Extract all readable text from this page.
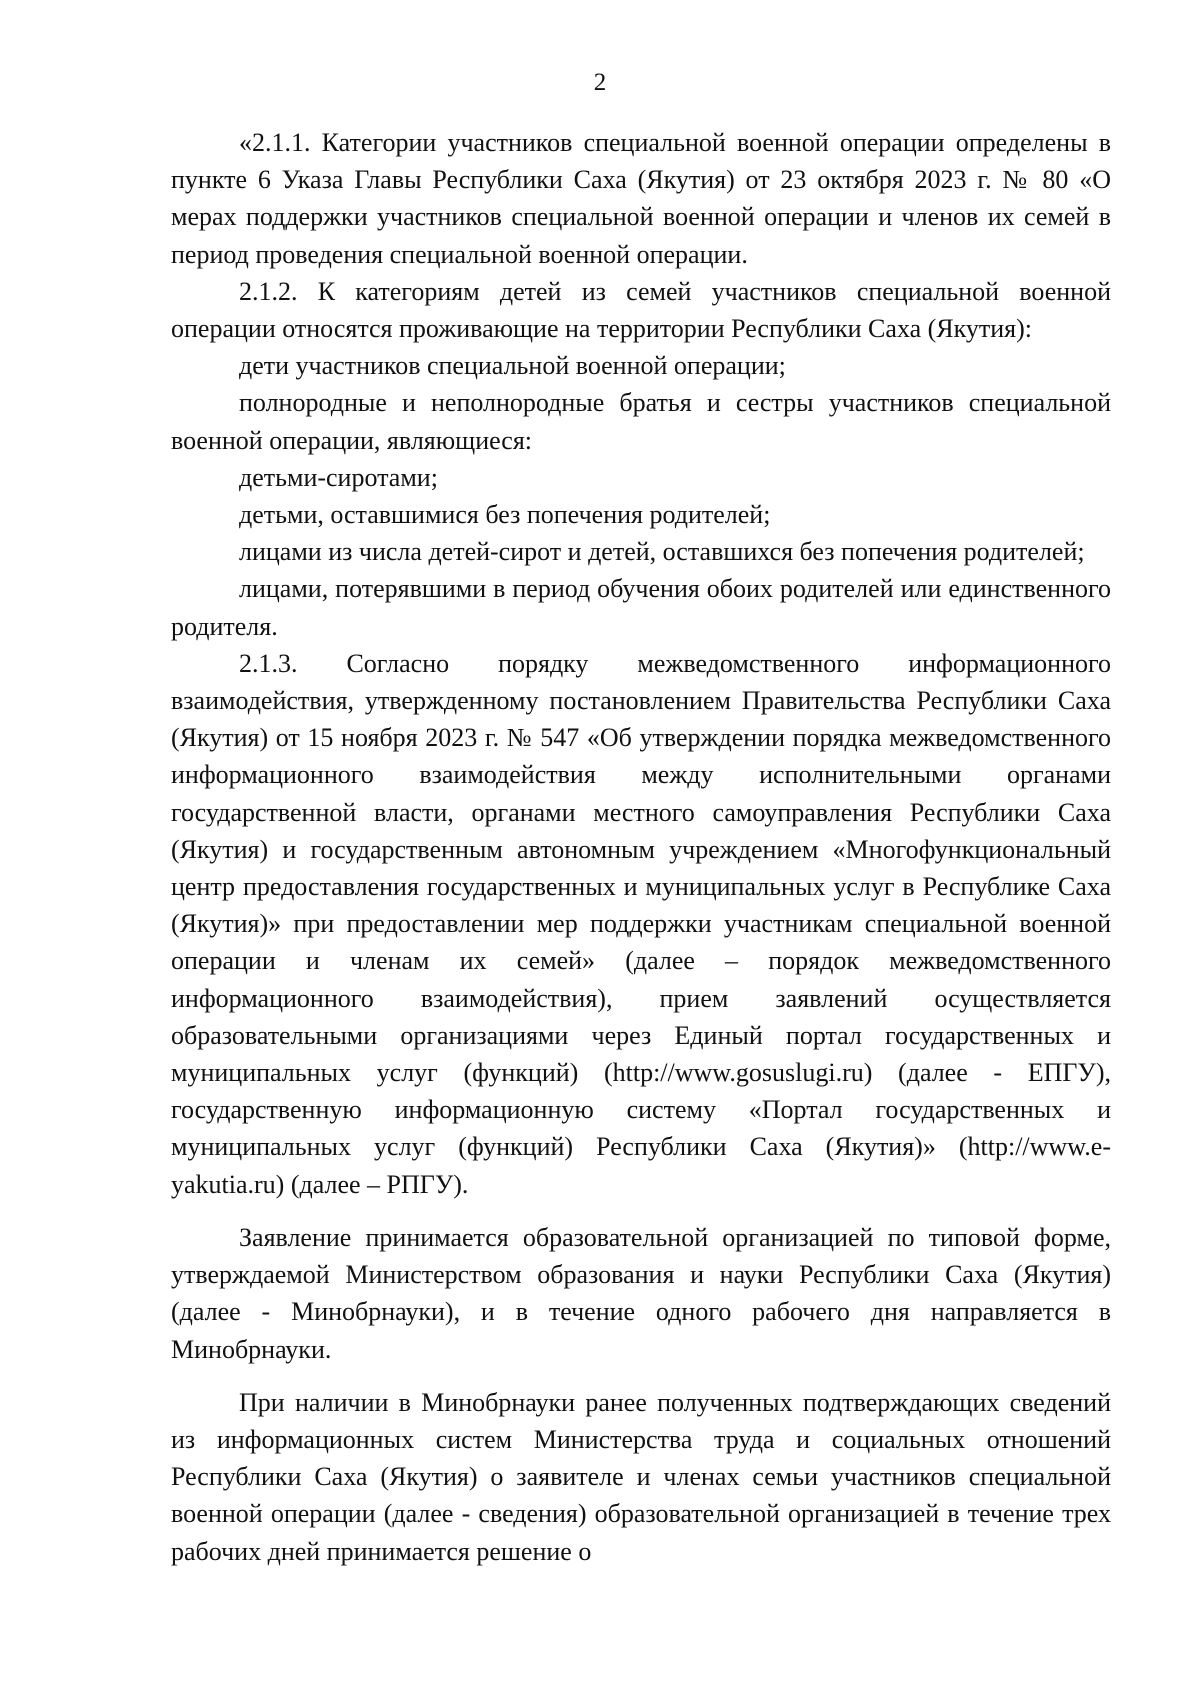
2

«2.1.1. Категории участников специальной военной операции определены в пункте 6 Указа Главы Республики Саха (Якутия) от 23 октября 2023 г. № 80 «О мерах поддержки участников специальной военной операции и членов их семей в период проведения специальной военной операции.

2.1.2. К категориям детей из семей участников специальной военной операции относятся проживающие на территории Республики Саха (Якутия):

дети участников специальной военной операции;

полнородные и неполнородные братья и сестры участников специальной военной операции, являющиеся:

детьми-сиротами;

детьми, оставшимися без попечения родителей;

лицами из числа детей-сирот и детей, оставшихся без попечения родителей;

лицами, потерявшими в период обучения обоих родителей или единственного родителя.

2.1.3. Согласно порядку межведомственного информационного взаимодействия, утвержденному постановлением Правительства Республики Саха (Якутия) от 15 ноября 2023 г. № 547 «Об утверждении порядка межведомственного информационного взаимодействия между исполнительными органами государственной власти, органами местного самоуправления Республики Саха (Якутия) и государственным автономным учреждением «Многофункциональный центр предоставления государственных и муниципальных услуг в Республике Саха (Якутия)» при предоставлении мер поддержки участникам специальной военной операции и членам их семей» (далее – порядок межведомственного информационного взаимодействия), прием заявлений осуществляется образовательными организациями через Единый портал государственных и муниципальных услуг (функций) (http://www.gosuslugi.ru) (далее - ЕПГУ), государственную информационную систему «Портал государственных и муниципальных услуг (функций) Республики Саха (Якутия)» (http://www.e-yakutia.ru) (далее – РПГУ).

Заявление принимается образовательной организацией по типовой форме, утверждаемой Министерством образования и науки Республики Саха (Якутия) (далее - Минобрнауки), и в течение одного рабочего дня направляется в Минобрнауки.

При наличии в Минобрнауки ранее полученных подтверждающих сведений из информационных систем Министерства труда и социальных отношений Республики Саха (Якутия) о заявителе и членах семьи участников специальной военной операции (далее - сведения) образовательной организацией в течение трех рабочих дней принимается решение о
